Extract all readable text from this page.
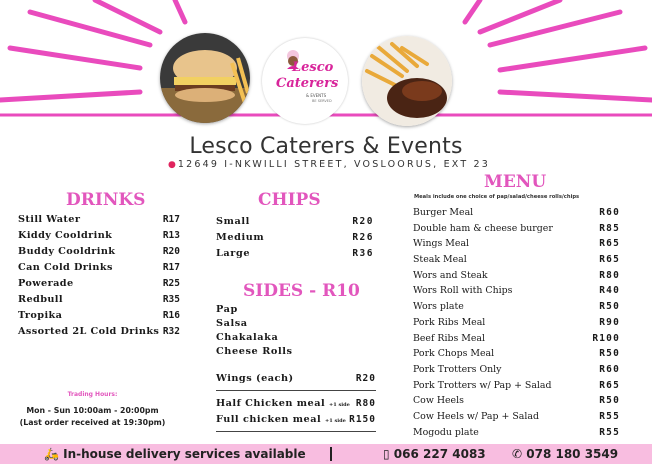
Lesco
Caterers
& EVENTS
BE SERVED
Lesco Caterers & Events
● 12649 I-NKWILLI STREET, VOSLOORUS, EXT 23
DRINKS
Still Water	R17
Kiddy Cooldrink	R13
Buddy Cooldrink	R20
Can Cold Drinks	R17
Powerade	R25
Redbull	R35
Tropika	R16
Assorted 2L Cold Drinks R32
Trading Hours:
Mon - Sun 10:00am - 20:00pm
(Last order received at 19:30pm)
CHIPS
Small	R20
Medium	R26
Large	R36
SIDES - R10
Pap
Salsa
Chakalaka
Cheese Rolls
Wings (each)	R20
Half Chicken meal +1 side R80
Full chicken meal +1 side R150
MENU
Meals include one choice of pap/salad/cheese rolls/chips
Burger Meal	R60
Double ham & cheese burger	R85
Wings Meal	R65
Steak Meal	R65
Wors and Steak	R80
Wors Roll with Chips	R40
Wors plate	R50
Pork Ribs Meal	R90
Beef Ribs Meal	R100
Pork Chops Meal	R50
Pork Trotters Only	R60
Pork Trotters w/ Pap + Salad	R65
Cow Heels	R50
Cow Heels w/ Pap + Salad	R55
Mogodu plate	R55
🛵 In-house delivery services available	▯ 066 227 4083 ✆ 078 180 3549
